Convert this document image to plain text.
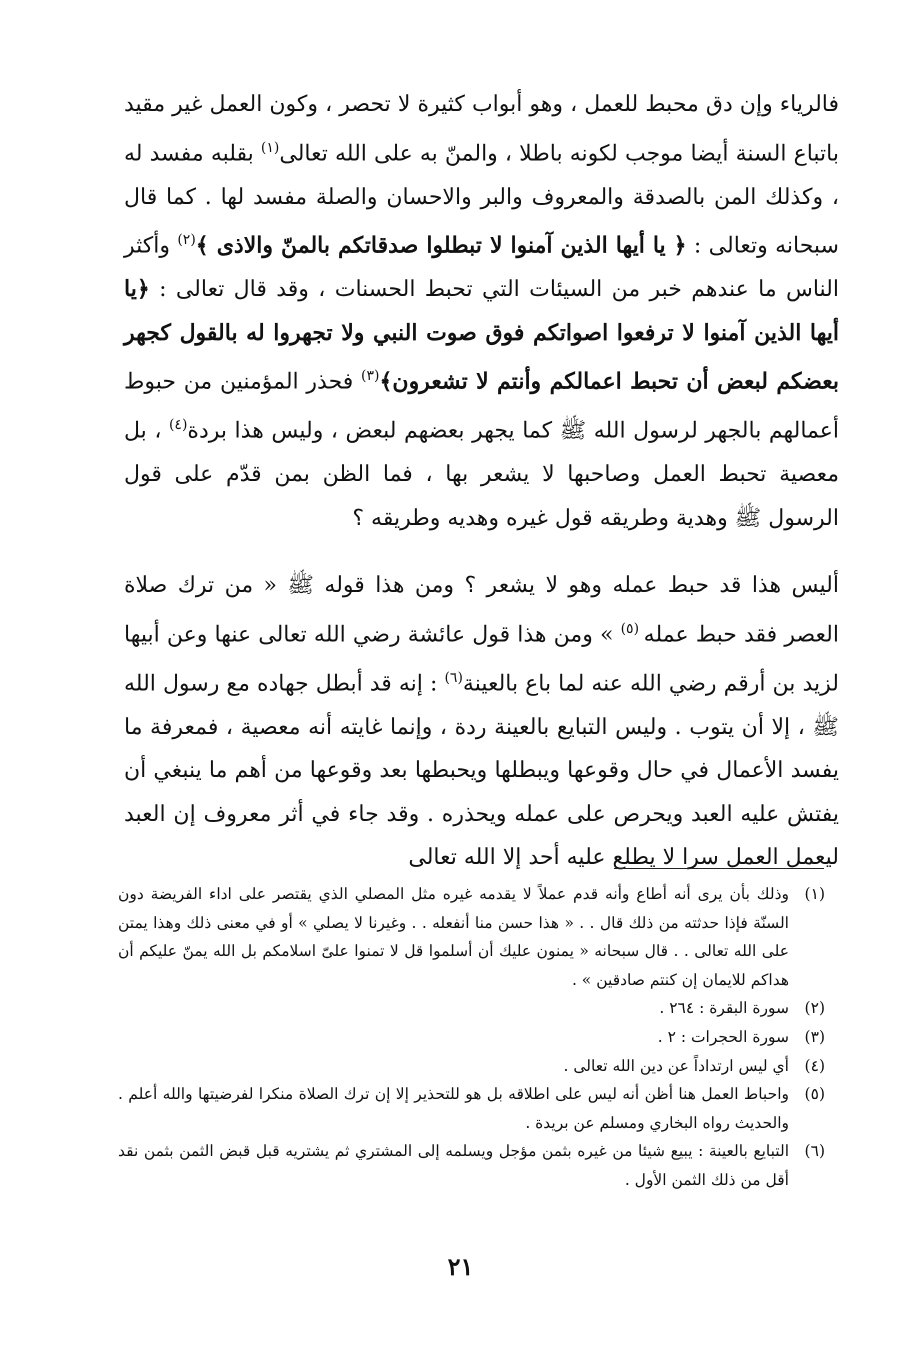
فالرياء وإن دق محبط للعمل ، وهو أبواب كثيرة لا تحصر ، وكون العمل غير مقيد باتباع السنة أيضا موجب لكونه باطلا ، والمنّ به على الله تعالى$^{(١)}$ بقلبه مفسد له ، وكذلك المن بالصدقة والمعروف والبر والاحسان والصلة مفسد لها . كما قال سبحانه وتعالى : ﴿ يا أيها الذين آمنوا لا تبطلوا صدقاتكم بالمنّ والاذى ﴾$^{(٢)}$ وأكثر الناس ما عندهم خبر من السيئات التي تحبط الحسنات ، وقد قال تعالى : ﴿يا أيها الذين آمنوا لا ترفعوا اصواتكم فوق صوت النبي ولا تجهروا له بالقول كجهر بعضكم لبعض أن تحبط اعمالكم وأنتم لا تشعرون﴾$^{(٣)}$ فحذر المؤمنين من حبوط أعمالهم بالجهر لرسول الله ﷺ كما يجهر بعضهم لبعض ، وليس هذا بردة$^{(٤)}$ ، بل معصية تحبط العمل وصاحبها لا يشعر بها ، فما الظن بمن قدّم على قول الرسول ﷺ وهدية وطريقه قول غيره وهديه وطريقه ؟

أليس هذا قد حبط عمله وهو لا يشعر ؟ ومن هذا قوله ﷺ « من ترك صلاة العصر فقد حبط عمله $^{(٥)}$ » ومن هذا قول عائشة رضي الله تعالى عنها وعن أبيها لزيد بن أرقم رضي الله عنه لما باع بالعينة$^{(٦)}$ : إنه قد أبطل جهاده مع رسول الله ﷺ ، إلا أن يتوب . وليس التبايع بالعينة ردة ، وإنما غايته أنه معصية ، فمعرفة ما يفسد الأعمال في حال وقوعها ويبطلها ويحبطها بعد وقوعها من أهم ما ينبغي أن يفتش عليه العبد ويحرص على عمله ويحذره . وقد جاء في أثر معروف إن العبد ليعمل العمل سرا لا يطلع عليه أحد إلا الله تعالى

(١)
وذلك بأن يرى أنه أطاع وأنه قدم عملاً لا يقدمه غيره مثل المصلي الذي يقتصر على اداء الفريضة دون السنّة فإذا حدثته من ذلك قال . . « هذا حسن منا أنفعله . . وغيرنا لا يصلي » أو في معنى ذلك وهذا يمتن على الله تعالى . . قال سبحانه « يمنون عليك أن أسلموا قل لا تمنوا علىّ اسلامكم بل الله يمنّ عليكم أن هداكم للايمان إن كنتم صادقين » .
(٢)
سورة البقرة : ٢٦٤ .
(٣)
سورة الحجرات : ٢ .
(٤)
أي ليس ارتداداً عن دين الله تعالى .
(٥)
واحباط العمل هنا أظن أنه ليس على اطلاقه بل هو للتحذير إلا إن ترك الصلاة منكرا لفرضيتها والله أعلم . والحديث رواه البخاري ومسلم عن بريدة .
(٦)
التبايع بالعينة : يبيع شيئا من غيره بثمن مؤجل ويسلمه إلى المشتري ثم يشتريه قبل قبض الثمن بثمن نقد أقل من ذلك الثمن الأول .
٢١
